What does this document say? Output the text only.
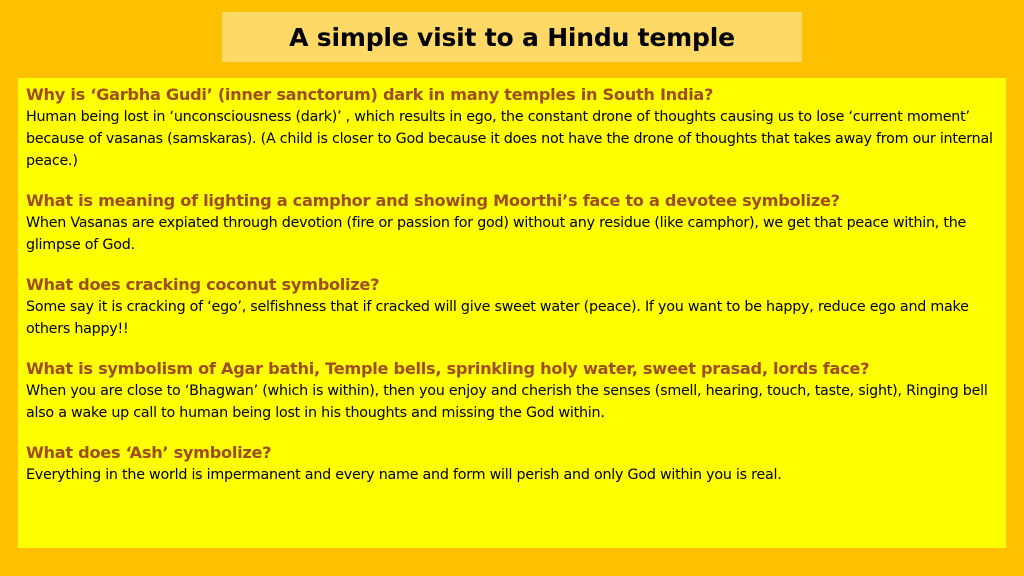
A simple visit to a Hindu temple

Why is ‘Garbha Gudi’ (inner sanctorum) dark in many temples in South India?

Human being lost in ‘unconsciousness (dark)’ , which results in ego, the constant drone of thoughts causing us to lose ‘current moment’ because of vasanas (samskaras). (A child is closer to God because it does not have the drone of thoughts that takes away from our internal peace.)

What is meaning of lighting a camphor and showing Moorthi’s face to a devotee symbolize?

When Vasanas are expiated through devotion (fire or passion for god) without any residue (like camphor), we get that peace within, the glimpse of God.

What does cracking coconut symbolize?

Some say it is cracking of ‘ego’, selfishness that if cracked will give sweet water (peace). If you want to be happy, reduce ego and make others happy!!

What is symbolism of Agar bathi, Temple bells, sprinkling holy water, sweet prasad, lords face?

When you are close to ‘Bhagwan’ (which is within), then you enjoy and cherish the senses (smell, hearing, touch, taste, sight), Ringing bell also a wake up call to human being lost in his thoughts and missing the God within.

What does ‘Ash’ symbolize?

Everything in the world is impermanent and every name and form will perish and only God within you is real.
